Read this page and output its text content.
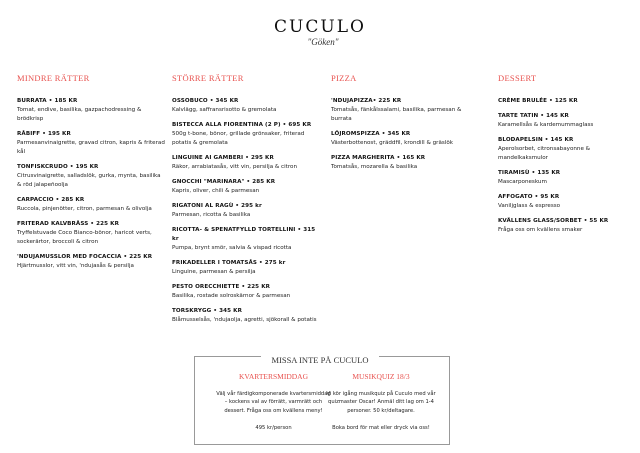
CUCULO
"Göken"
MINDRE RÄTTER
BURRATA • 185 KR
Tomat, endive, basilika, gazpachodressing & brödkrisp
RÅBIFF • 195 KR
Parmesanvinaigrette, gravad citron, kapris & friterad kål
TONFISKCRUDO • 195 KR
Citrusvinaigrette, salladslök, gurka, mynta, basilika & röd jalapeñoolja
CARPACCIO • 285 KR
Ruccola, pinjenötter, citron, parmesan & olivolja
FRITERAD KALVBRÄSS • 225 KR
Tryffelstuvade Coco Bianco-bönor, haricot verts, sockerärtor, broccoli & citron
'NDUJAMUSSLOR MED FOCACCIA • 225 KR
Hjärtmusslor, vitt vin, 'ndujasås & persilja
STÖRRE RÄTTER
OSSOBUCO • 345 KR
Kalvlägg, saffransrisotto & gremolata
BISTECCA ALLA FIORENTINA (2 P) • 695 KR
500g t-bone, bönor, grillade grönsaker, friterad potatis & gremolata
LINGUINE AI GAMBERI • 295 KR
Räkor, arrabiatasås, vitt vin, persilja & citron
GNOCCHI "MARINARA" • 285 KR
Kapris, oliver, chili & parmesan
RIGATONI AL RAGÙ • 295 kr
Parmesan, ricotta & basilika
RICOTTA- & SPENATFYLLD TORTELLINI • 315 kr
Pumpa, brynt smör, salvia & vispad ricotta
FRIKADELLER I TOMATSÅS • 275 kr
Linguine, parmesan & persilja
PESTO ORECCHIETTE • 225 KR
Basilika, rostade solroskärnor & parmesan
TORSKRYGG • 345 KR
Blåmusselsås, 'ndujaolja, agretti, sjökorall & potatis
PIZZA
'NDUJAPIZZA• 225 KR
Tomatsås, fänkålssalami, basilika, parmesan & burrata
LÖJROMSPIZZA • 345 KR
Västerbottenost, gräddfil, krondill & gräslök
PIZZA MARGHERITA • 165 KR
Tomatsås, mozarella & basilika
DESSERT
CRÈME BRULÉE • 125 KR
TARTE TATIN • 145 KR
Karamellsås & kardemummaglass
BLODAPELSIN • 145 KR
Aperolsorbet, citronsabayonne & mandelkaksmulor
TIRAMISÙ • 135 KR
Mascarponeskum
AFFOGATO • 95 KR
Vaniljglass & espresso
KVÄLLENS GLASS/SORBET • 55 KR
Fråga oss om kvällens smaker
MISSA INTE PÅ CUCULO
KVARTERSMIDDAG

Välj vår färdigkomponerade kvartersmiddag – kockens val av förrätt, varmrätt och dessert. Fråga oss om kvällens meny!

495 kr/person

MUSIKQUIZ 18/3

Vi kör igång musikquiz på Cuculo med vår quizmaster Oscar! Anmäl ditt lag om 1-4 personer. 50 kr/deltagare.

Boka bord för mat eller dryck via oss!
